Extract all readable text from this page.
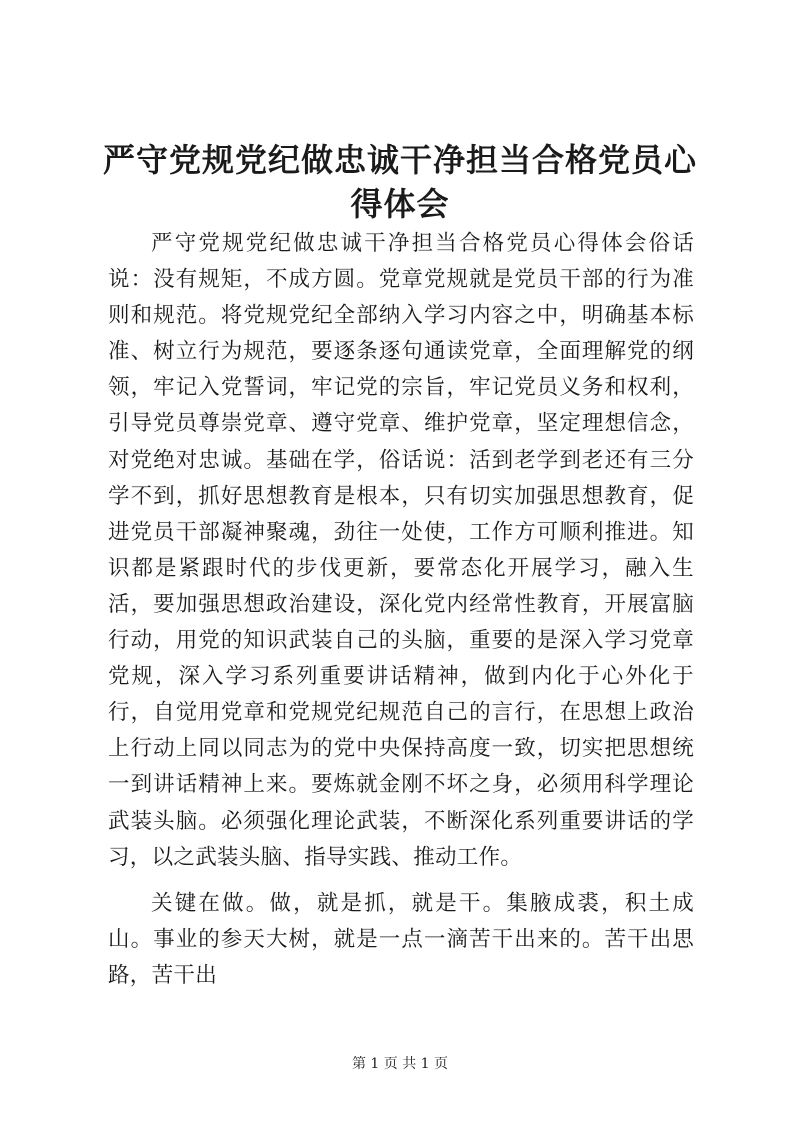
严守党规党纪做忠诚干净担当合格党员心得体会

严守党规党纪做忠诚干净担当合格党员心得体会俗话说：没有规矩，不成方圆。党章党规就是党员干部的行为准则和规范。将党规党纪全部纳入学习内容之中，明确基本标准、树立行为规范，要逐条逐句通读党章，全面理解党的纲领，牢记入党誓词，牢记党的宗旨，牢记党员义务和权利，引导党员尊崇党章、遵守党章、维护党章，坚定理想信念，对党绝对忠诚。基础在学，俗话说：活到老学到老还有三分学不到，抓好思想教育是根本，只有切实加强思想教育，促进党员干部凝神聚魂，劲往一处使，工作方可顺利推进。知识都是紧跟时代的步伐更新，要常态化开展学习，融入生活，要加强思想政治建设，深化党内经常性教育，开展富脑行动，用党的知识武装自己的头脑，重要的是深入学习党章党规，深入学习系列重要讲话精神，做到内化于心外化于行，自觉用党章和党规党纪规范自己的言行，在思想上政治上行动上同以同志为的党中央保持高度一致，切实把思想统一到讲话精神上来。要炼就金刚不坏之身，必须用科学理论武装头脑。必须强化理论武装，不断深化系列重要讲话的学习，以之武装头脑、指导实践、推动工作。

关键在做。做，就是抓，就是干。集腋成裘，积土成山。事业的参天大树，就是一点一滴苦干出来的。苦干出思路，苦干出

第 1 页 共 1 页
